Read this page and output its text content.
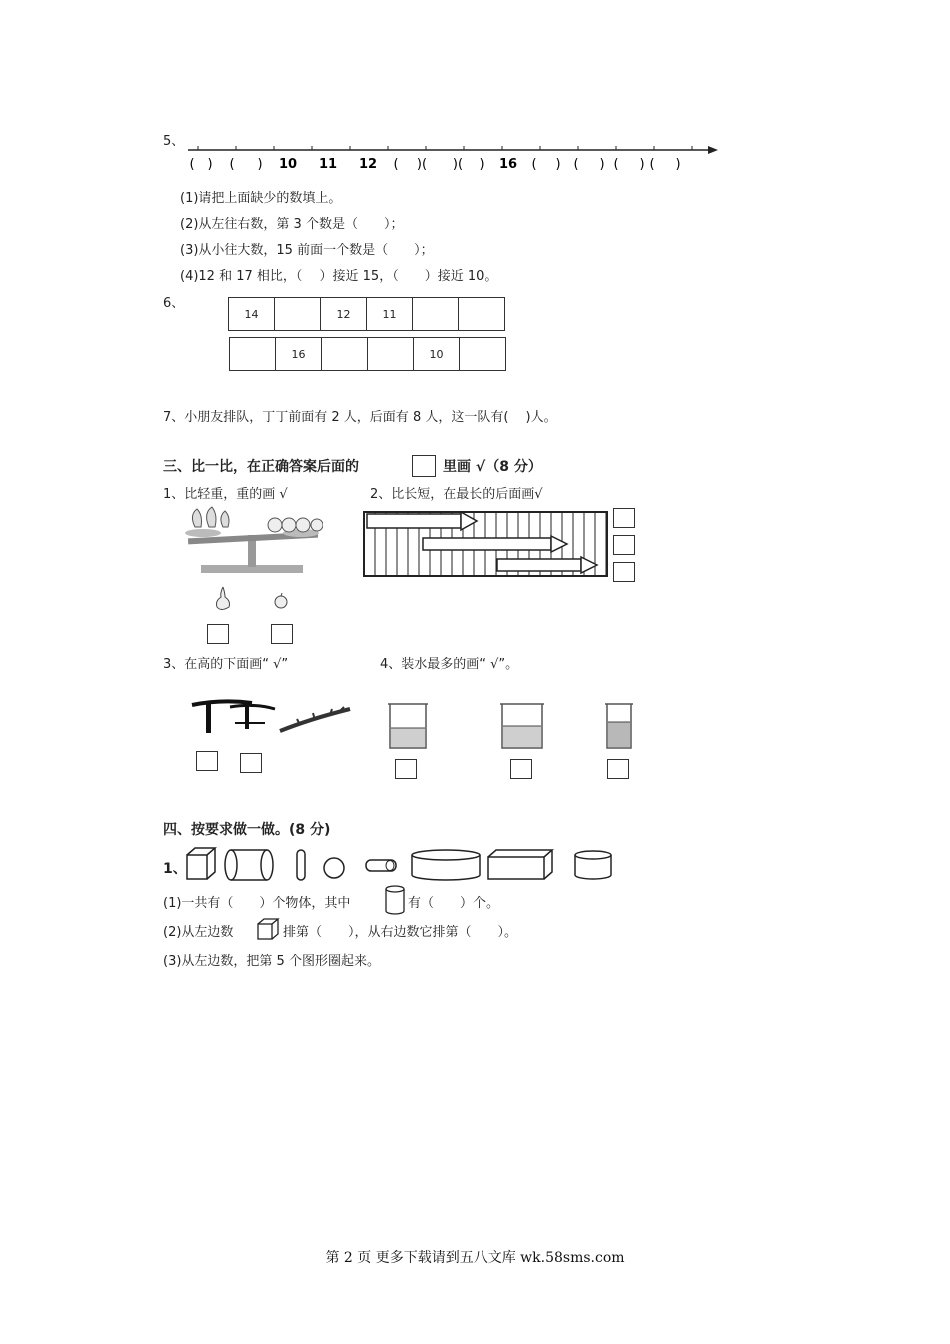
5、
( ) ( ) 10 11 12 ( )( )( ) 16 ( ) ( ) ( ) ( )
(1)请把上面缺少的数填上。
(2)从左往右数，第 3 个数是（　　）；
(3)从小往大数，15 前面一个数是（　　）；
(4)12 和 17 相比，（　 ）接近 15，（　　）接近 10。
6、
14		12	11		
	16			10	
7、小朋友排队，丁丁前面有 2 人，后面有 8 人，这一队有(　 )人。
三、比一比，在正确答案后面的	里画 √（8 分）
1、比轻重，重的画 √	2、比长短，在最长的后面画√
3、在高的下面画“ √”	4、装水最多的画“ √”。
四、按要求做一做。(8 分)
1、
(1)一共有（　　）个物体，其中	有（　　）个。
(2)从左边数	排第（　　），从右边数它排第（　　）。
(3)从左边数，把第 5 个图形圈起来。
第 2 页 更多下载请到五八文库 wk.58sms.com
